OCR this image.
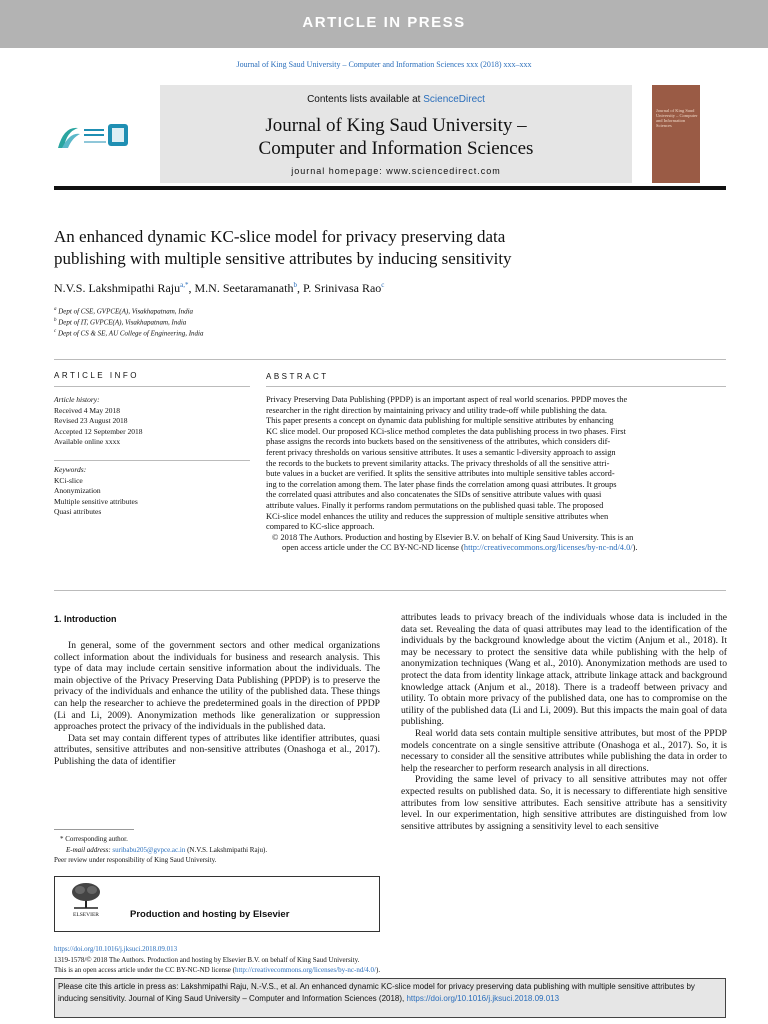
ARTICLE IN PRESS
Journal of King Saud University – Computer and Information Sciences xxx (2018) xxx–xxx
Contents lists available at ScienceDirect
Journal of King Saud University –
Computer and Information Sciences
journal homepage: www.sciencedirect.com
Journal of King Saud University – Computer and Information Sciences
An enhanced dynamic KC-slice model for privacy preserving data
publishing with multiple sensitive attributes by inducing sensitivity
N.V.S. Lakshmipathi Raju$^{a,*}$, M.N. Seetaramanath$^b$, P. Srinivasa Rao$^c$
$^a$ Dept of CSE, GVPCE(A), Visakhapatnam, India
$^b$ Dept of IT, GVPCE(A), Visakhapatnam, India
$^c$ Dept of CS & SE, AU College of Engineering, India
ARTICLE INFO	ABSTRACT
Article history:
Received 4 May 2018
Revised 23 August 2018
Accepted 12 September 2018
Available online xxxx
Keywords:
KCi-slice
Anonymization
Multiple sensitive attributes
Quasi attributes
Privacy Preserving Data Publishing (PPDP) is an important aspect of real world scenarios. PPDP moves the
researcher in the right direction by maintaining privacy and utility trade-off while publishing the data.
This paper presents a concept on dynamic data publishing for multiple sensitive attributes by enhancing
KC slice model. Our proposed KCi-slice method completes the data publishing process in two phases. First
phase assigns the records into buckets based on the sensitiveness of the attributes, which considers dif-
ferent privacy thresholds on various sensitive attributes. It uses a semantic l-diversity approach to assign
the records to the buckets to prevent similarity attacks. The privacy thresholds of all the sensitive attri-
bute values in a bucket are verified. It splits the sensitive attributes into multiple sensitive tables accord-
ing to the correlation among them. The later phase finds the correlation among quasi attributes. It groups
the correlated quasi attributes and also concatenates the SIDs of sensitive attribute values with quasi
attribute values. Finally it performs random permutations on the published quasi table. The proposed
KCi-slice model enhances the utility and reduces the suppression of multiple sensitive attributes when
compared to KC-slice approach.
© 2018 The Authors. Production and hosting by Elsevier B.V. on behalf of King Saud University. This is an
open access article under the CC BY-NC-ND license (http://creativecommons.org/licenses/by-nc-nd/4.0/).
1. Introduction

In general, some of the government sectors and other medical organizations collect information about the individuals for business and research analysis. This type of data may include certain sensitive information about the individuals. The main objective of the Privacy Preserving Data Publishing (PPDP) is to preserve the privacy of the individuals and enhance the utility of the published data. These things can help the researcher to achieve the predetermined goals in the direction of PPDP (Li and Li, 2009). Anonymization methods like generalization or suppression approaches protect the privacy of the individuals in the published data.

Data set may contain different types of attributes like identifier attributes, quasi attributes, sensitive attributes and non-sensitive attributes (Onashoga et al., 2017). Publishing the data of identifier

attributes leads to privacy breach of the individuals whose data is included in the data set. Revealing the data of quasi attributes may lead to the identification of the individuals by the background knowledge about the victim (Anjum et al., 2018). It may be necessary to protect the sensitive data while publishing with the help of anonymization techniques (Wang et al., 2010). Anonymization methods are used to protect the data from identity linkage attack, attribute linkage attack and background knowledge attack (Anjum et al., 2018). There is a tradeoff between privacy and utility. To obtain more privacy of the published data, one has to compromise on the utility of the published data (Li and Li, 2009). But this impacts the main goal of data publishing.

Real world data sets contain multiple sensitive attributes, but most of the PPDP models concentrate on a single sensitive attribute (Onashoga et al., 2017). So, it is necessary to consider all the sensitive attributes while publishing the data in order to help the researcher to perform research analysis in all directions.

Providing the same level of privacy to all sensitive attributes may not offer expected results on published data. So, it is necessary to differentiate high sensitive attributes from low sensitive attributes. Each sensitive attribute has a sensitivity level. In our experimentation, high sensitive attributes are distinguished from low sensitive attributes by assigning a sensitivity level to each sensitive

* Corresponding author.
E-mail address: suribabu205@gvpce.ac.in (N.V.S. Lakshmipathi Raju).
Peer review under responsibility of King Saud University.
ELSEVIER	Production and hosting by Elsevier
https://doi.org/10.1016/j.jksuci.2018.09.013
1319-1578/© 2018 The Authors. Production and hosting by Elsevier B.V. on behalf of King Saud University.
This is an open access article under the CC BY-NC-ND license (http://creativecommons.org/licenses/by-nc-nd/4.0/).
Please cite this article in press as: Lakshmipathi Raju, N.-V.S., et al. An enhanced dynamic KC-slice model for privacy preserving data publishing with multiple sensitive attributes by inducing sensitivity. Journal of King Saud University – Computer and Information Sciences (2018), https://doi.org/10.1016/j.jksuci.2018.09.013
